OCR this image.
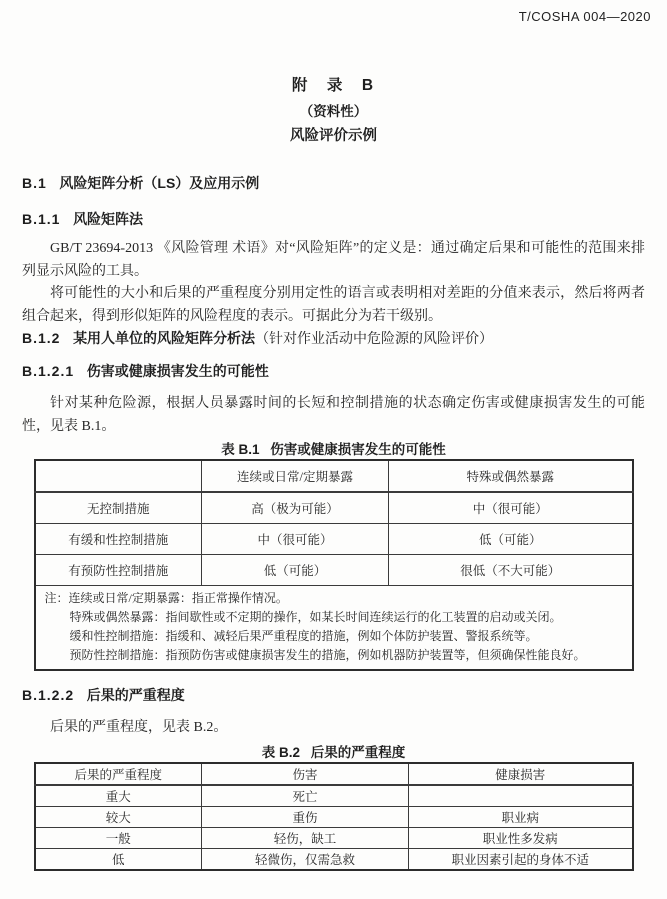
T/COSHA 004—2020
附　录　B
（资料性）
风险评价示例
B.1 风险矩阵分析（LS）及应用示例
B.1.1 风险矩阵法

GB/T 23694-2013 《风险管理 术语》对“风险矩阵”的定义是：通过确定后果和可能性的范围来排列显示风险的工具。

将可能性的大小和后果的严重程度分别用定性的语言或表明相对差距的分值来表示，然后将两者组合起来，得到形似矩阵的风险程度的表示。可据此分为若干级别。

B.1.2 某用人单位的风险矩阵分析法（针对作业活动中危险源的风险评价）
B.1.2.1 伤害或健康损害发生的可能性

针对某种危险源，根据人员暴露时间的长短和控制措施的状态确定伤害或健康损害发生的可能性，见表 B.1。

表 B.1 伤害或健康损害发生的可能性
	连续或日常/定期暴露	特殊或偶然暴露
无控制措施	高（极为可能）	中（很可能）
有缓和性控制措施	中（很可能）	低（可能）
有预防性控制措施	低（可能）	很低（不大可能）

注：连续或日常/定期暴露：指正常操作情况。
特殊或偶然暴露：指间歇性或不定期的操作，如某长时间连续运行的化工装置的启动或关闭。
缓和性控制措施：指缓和、减轻后果严重程度的措施，例如个体防护装置、警报系统等。
预防性控制措施：指预防伤害或健康损害发生的措施，例如机器防护装置等，但须确保性能良好。		
B.1.2.2 后果的严重程度

后果的严重程度，见表 B.2。

表 B.2 后果的严重程度
后果的严重程度	伤害	健康损害
重大	死亡	
较大	重伤	职业病
一般	轻伤，缺工	职业性多发病
低	轻微伤，仅需急救	职业因素引起的身体不适
